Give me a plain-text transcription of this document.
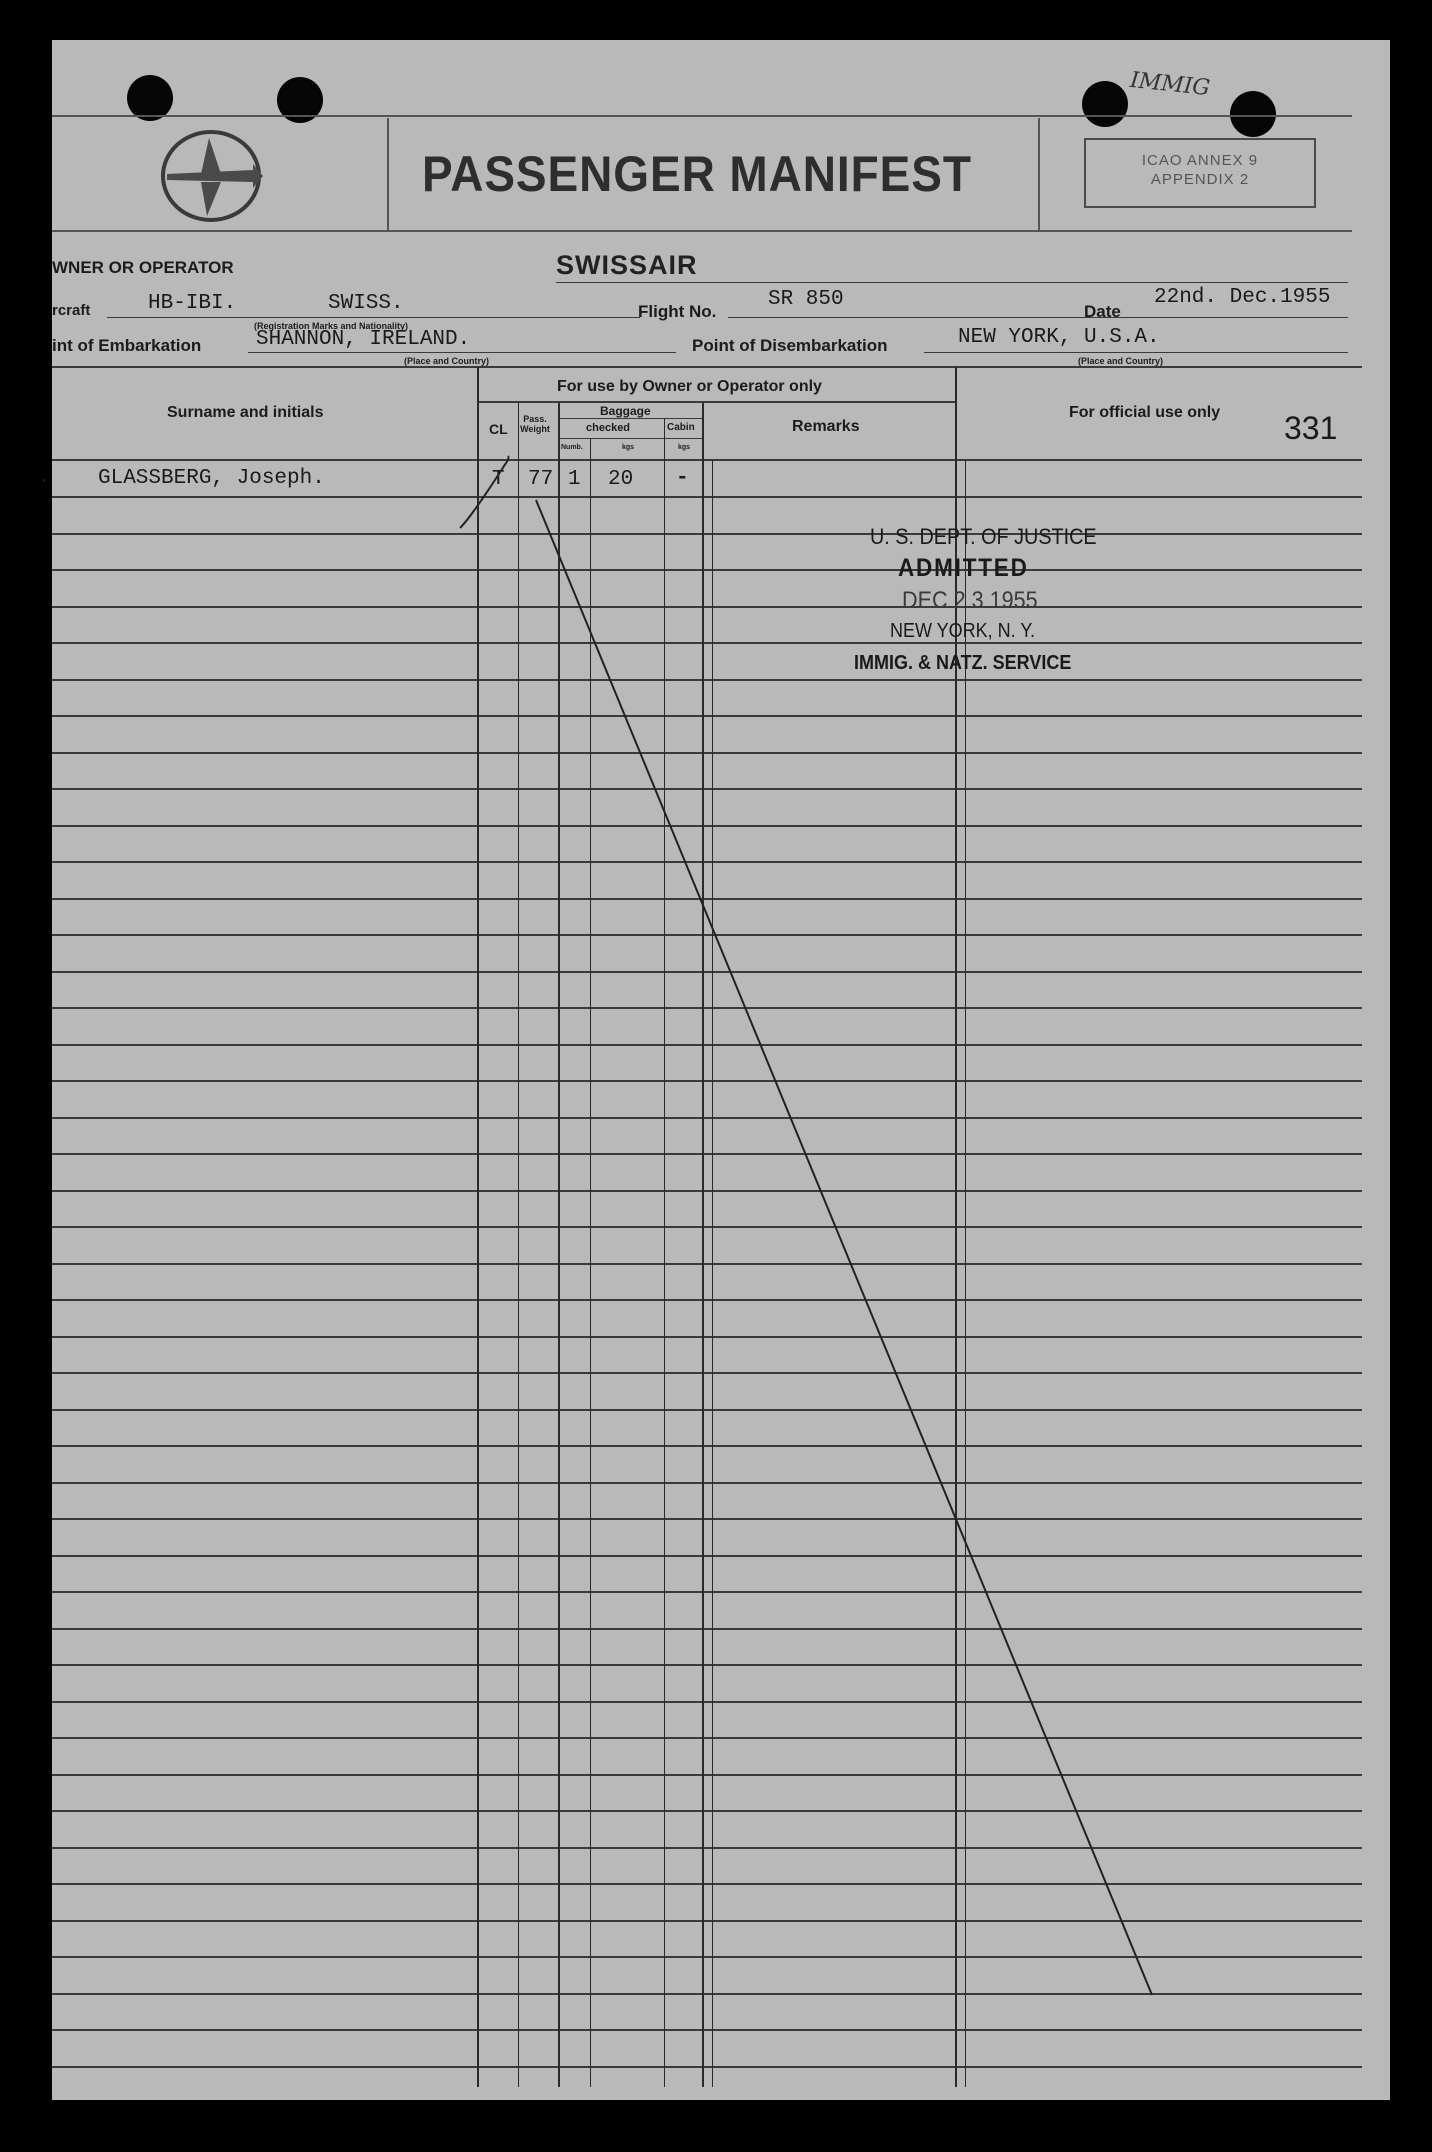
PASSENGER MANIFEST
IMMIG
ICAO ANNEX 9
APPENDIX 2
WNER OR OPERATOR	SWISSAIR
rcraft	HB-IBI.	SWISS.
(Registration Marks and Nationality)
Flight No.
SR 850
Date
22nd. Dec.1955
int of Embarkation	SHANNON, IRELAND.
(Place and Country)
Point of Disembarkation	NEW YORK, U.S.A.
(Place and Country)
Surname and initials
For use by Owner or Operator only
CL
Pass. Weight
Baggage
checked	Cabin
Numb.	kgs	kgs
Remarks
For official use only 331
. GLASSBERG, Joseph.	T 77 1 20 -
U. S. DEPT. OF JUSTICE
ADMITTED
DEC 2 3 1955
NEW YORK, N. Y.
IMMIG. & NATZ. SERVICE
